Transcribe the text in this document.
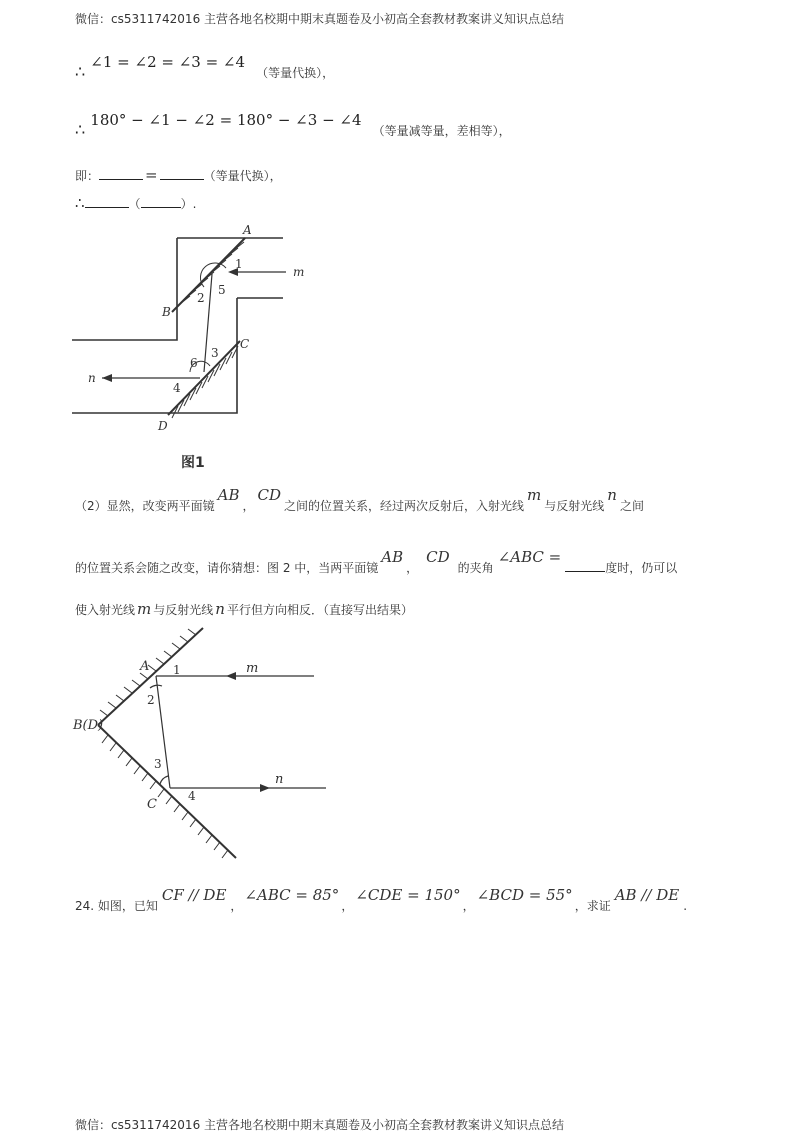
微信：cs5311742016 主营各地名校期中期末真题卷及小初高全套教材教案讲义知识点总结
∴ ∠1 = ∠2 = ∠3 = ∠4 （等量代换），
∴ 180° − ∠1 − ∠2 = 180° − ∠3 − ∠4 （等量减等量，差相等），
即：	=	（等量代换），
∴	（	）.
A
B
C
D
m
n
1
2
3
4
5
6
图1
（2）显然，改变两平面镜AB，CD之间的位置关系，经过两次反射后，入射光线m与反射光线n之间
的位置关系会随之改变，请你猜想：图 2 中，当两平面镜AB，CD的夹角∠ABC =度时，仍可以
使入射光线 m 与反射光线 n 平行但方向相反．（直接写出结果）
A
B(D)
C
m
n
1
2
3
4
24. 如图，已知CF // DE，∠ABC = 85°，∠CDE = 150°，∠BCD = 55°，求证AB // DE.
微信：cs5311742016 主营各地名校期中期末真题卷及小初高全套教材教案讲义知识点总结
